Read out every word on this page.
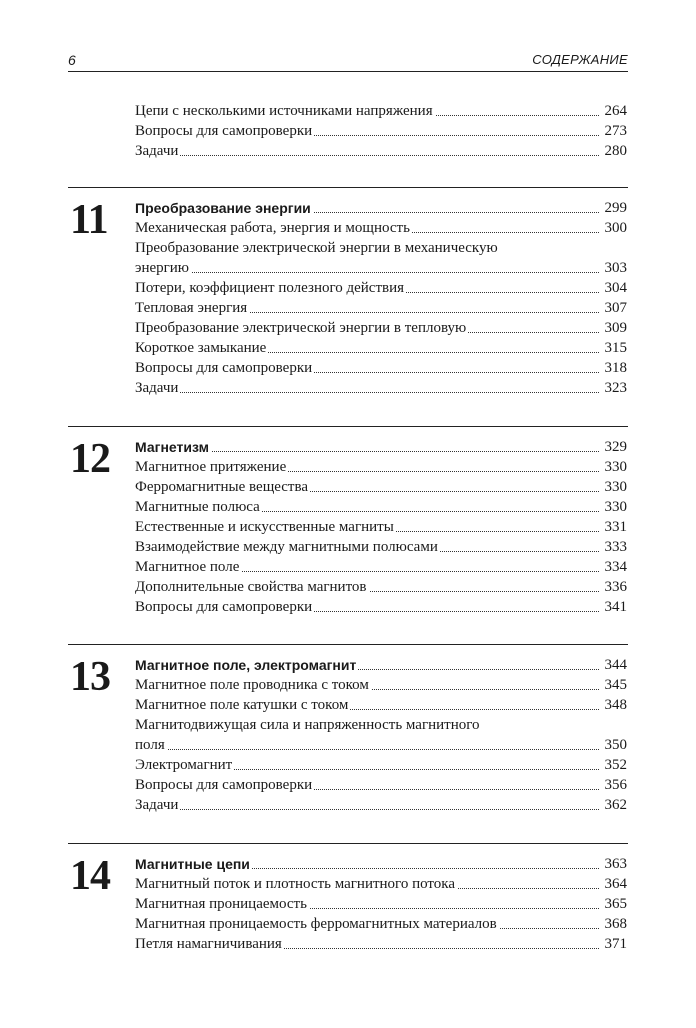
6	СОДЕРЖАНИЕ
Цепи с несколькими источниками напряжения	264
Вопросы для самопроверки	273
Задачи	280
11 Преобразование энергии	299
Механическая работа, энергия и мощность	300
Преобразование электрической энергии в механическую
энергию	303
Потери, коэффициент полезного действия	304
Тепловая энергия	307
Преобразование электрической энергии в тепловую	309
Короткое замыкание	315
Вопросы для самопроверки	318
Задачи	323
12 Магнетизм	329
Магнитное притяжение	330
Ферромагнитные вещества	330
Магнитные полюса	330
Естественные и искусственные магниты	331
Взаимодействие между магнитными полюсами	333
Магнитное поле	334
Дополнительные свойства магнитов	336
Вопросы для самопроверки	341
13 Магнитное поле, электромагнит	344
Магнитное поле проводника с током	345
Магнитное поле катушки с током	348
Магнитодвижущая сила и напряженность магнитного
поля	350
Электромагнит	352
Вопросы для самопроверки	356
Задачи	362
14 Магнитные цепи	363
Магнитный поток и плотность магнитного потока	364
Магнитная проницаемость	365
Магнитная проницаемость ферромагнитных материалов	368
Петля намагничивания	371
